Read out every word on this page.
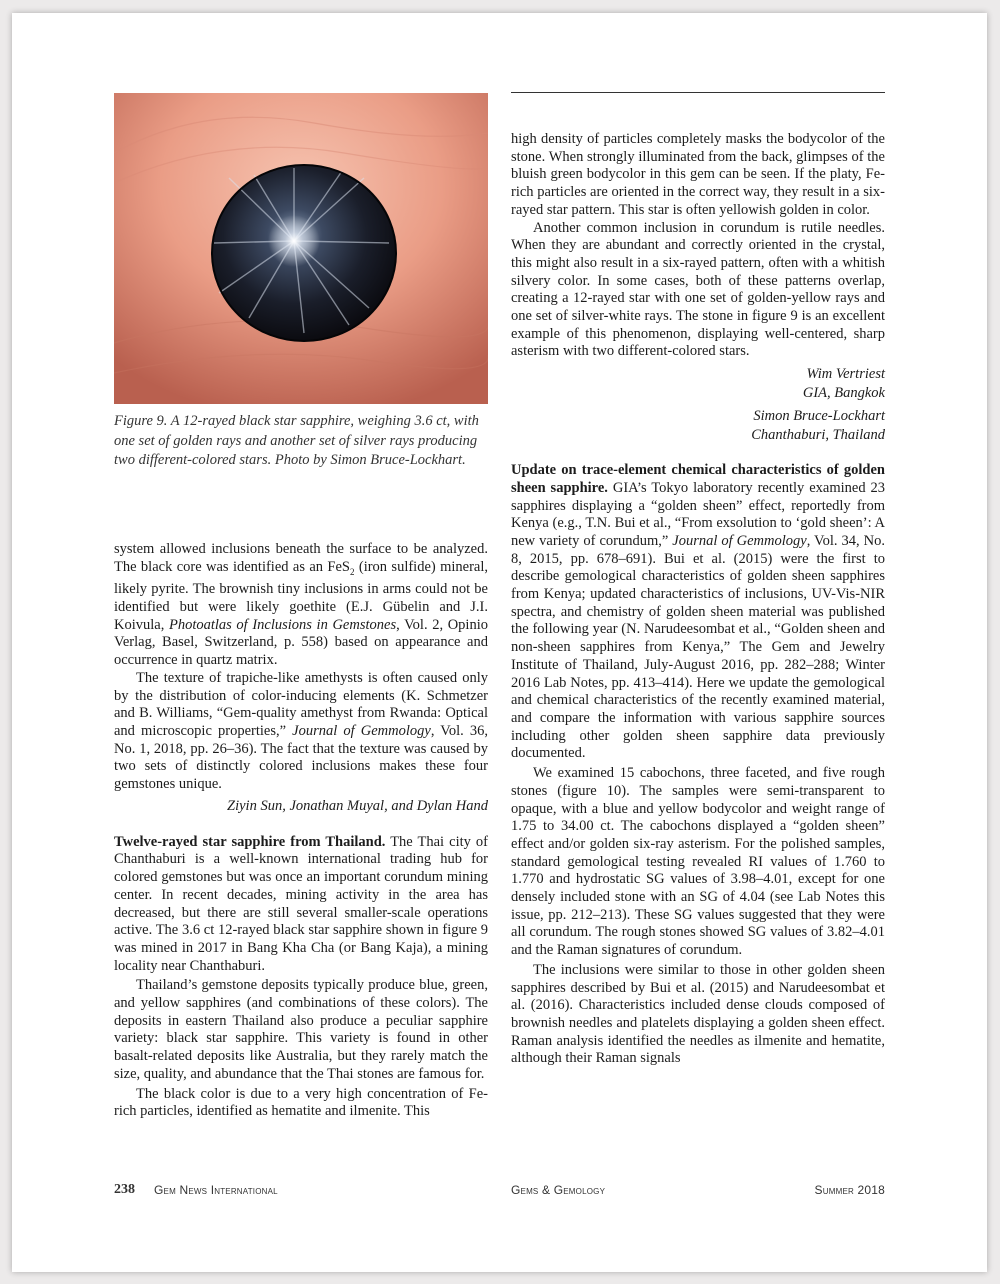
Figure 9. A 12-rayed black star sapphire, weighing 3.6 ct, with one set of golden rays and another set of silver rays producing two different-colored stars. Photo by Simon Bruce-Lockhart.

system allowed inclusions beneath the surface to be analyzed. The black core was identified as an FeS$_2$ (iron sulfide) mineral, likely pyrite. The brownish tiny inclusions in arms could not be identified but were likely goethite (E.J. Gübelin and J.I. Koivula, Photoatlas of Inclusions in Gemstones, Vol. 2, Opinio Verlag, Basel, Switzerland, p. 558) based on appearance and occurrence in quartz matrix.

The texture of trapiche-like amethysts is often caused only by the distribution of color-inducing elements (K. Schmetzer and B. Williams, “Gem-quality amethyst from Rwanda: Optical and microscopic properties,” Journal of Gemmology, Vol. 36, No. 1, 2018, pp. 26–36). The fact that the texture was caused by two sets of distinctly colored inclusions makes these four gemstones unique.

Ziyin Sun, Jonathan Muyal, and Dylan Hand

Twelve-rayed star sapphire from Thailand. The Thai city of Chanthaburi is a well-known international trading hub for colored gemstones but was once an important corundum mining center. In recent decades, mining activity in the area has decreased, but there are still several smaller-scale operations active. The 3.6 ct 12-rayed black star sapphire shown in figure 9 was mined in 2017 in Bang Kha Cha (or Bang Kaja), a mining locality near Chanthaburi.

Thailand’s gemstone deposits typically produce blue, green, and yellow sapphires (and combinations of these colors). The deposits in eastern Thailand also produce a peculiar sapphire variety: black star sapphire. This variety is found in other basalt-related deposits like Australia, but they rarely match the size, quality, and abundance that the Thai stones are famous for.

The black color is due to a very high concentration of Fe-rich particles, identified as hematite and ilmenite. This

high density of particles completely masks the bodycolor of the stone. When strongly illuminated from the back, glimpses of the bluish green bodycolor in this gem can be seen. If the platy, Fe-rich particles are oriented in the correct way, they result in a six-rayed star pattern. This star is often yellowish golden in color.

Another common inclusion in corundum is rutile needles. When they are abundant and correctly oriented in the crystal, this might also result in a six-rayed pattern, often with a whitish silvery color. In some cases, both of these patterns overlap, creating a 12-rayed star with one set of golden-yellow rays and one set of silver-white rays. The stone in figure 9 is an excellent example of this phenomenon, displaying well-centered, sharp asterism with two different-colored stars.

Wim Vertriest
GIA, Bangkok
Simon Bruce-Lockhart
Chanthaburi, Thailand

Update on trace-element chemical characteristics of golden sheen sapphire. GIA’s Tokyo laboratory recently examined 23 sapphires displaying a “golden sheen” effect, reportedly from Kenya (e.g., T.N. Bui et al., “From exsolution to ‘gold sheen’: A new variety of corundum,” Journal of Gemmology, Vol. 34, No. 8, 2015, pp. 678–691). Bui et al. (2015) were the first to describe gemological characteristics of golden sheen sapphires from Kenya; updated characteristics of inclusions, UV-Vis-NIR spectra, and chemistry of golden sheen material was published the following year (N. Narudeesombat et al., “Golden sheen and non-sheen sapphires from Kenya,” The Gem and Jewelry Institute of Thailand, July-August 2016, pp. 282–288; Winter 2016 Lab Notes, pp. 413–414). Here we update the gemological and chemical characteristics of the recently examined material, and compare the information with various sapphire sources including other golden sheen sapphire data previously documented.

We examined 15 cabochons, three faceted, and five rough stones (figure 10). The samples were semi-transparent to opaque, with a blue and yellow bodycolor and weight range of 1.75 to 34.00 ct. The cabochons displayed a “golden sheen” effect and/or golden six-ray asterism. For the polished samples, standard gemological testing revealed RI values of 1.760 to 1.770 and hydrostatic SG values of 3.98–4.01, except for one densely included stone with an SG of 4.04 (see Lab Notes this issue, pp. 212–213). These SG values suggested that they were all corundum. The rough stones showed SG values of 3.82–4.01 and the Raman signatures of corundum.

The inclusions were similar to those in other golden sheen sapphires described by Bui et al. (2015) and Narudeesombat et al. (2016). Characteristics included dense clouds composed of brownish needles and platelets displaying a golden sheen effect. Raman analysis identified the needles as ilmenite and hematite, although their Raman signals

238 Gem News International	Gems & Gemology	Summer 2018
